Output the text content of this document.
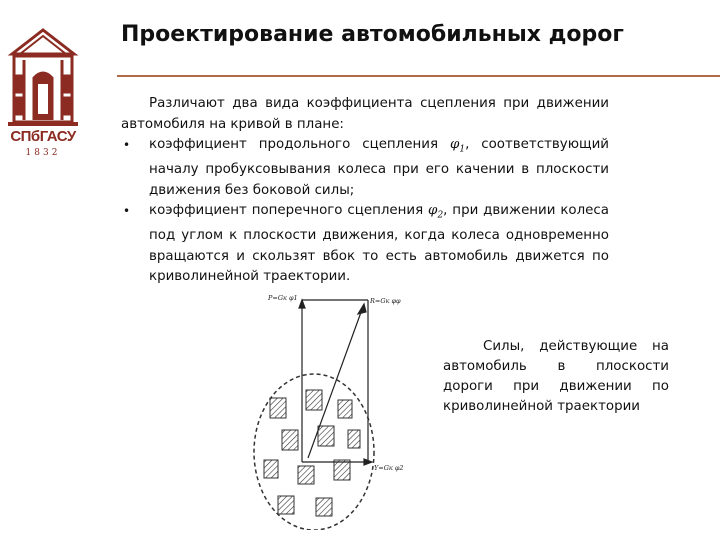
СПбГАСУ
1832
Проектирование автомобильных дорог

Различают два вида коэффициента сцепления при движении автомобиля на кривой в плане:

• коэффициент продольного сцепления $\varphi_1$, соответствующий началу пробуксовывания колеса при его качении в плоскости движения без боковой силы;
• коэффициент поперечного сцепления $\varphi_2$, при движении колеса под углом к плоскости движения, когда колеса одновременно вращаются и скользят вбок то есть автомобиль движется по криволинейной траектории.
P=Gк φ1	R=Gк φφ
Y=Gк φ2

Силы, действующие на автомобиль в плоскости дороги при движении по криволинейной траектории
